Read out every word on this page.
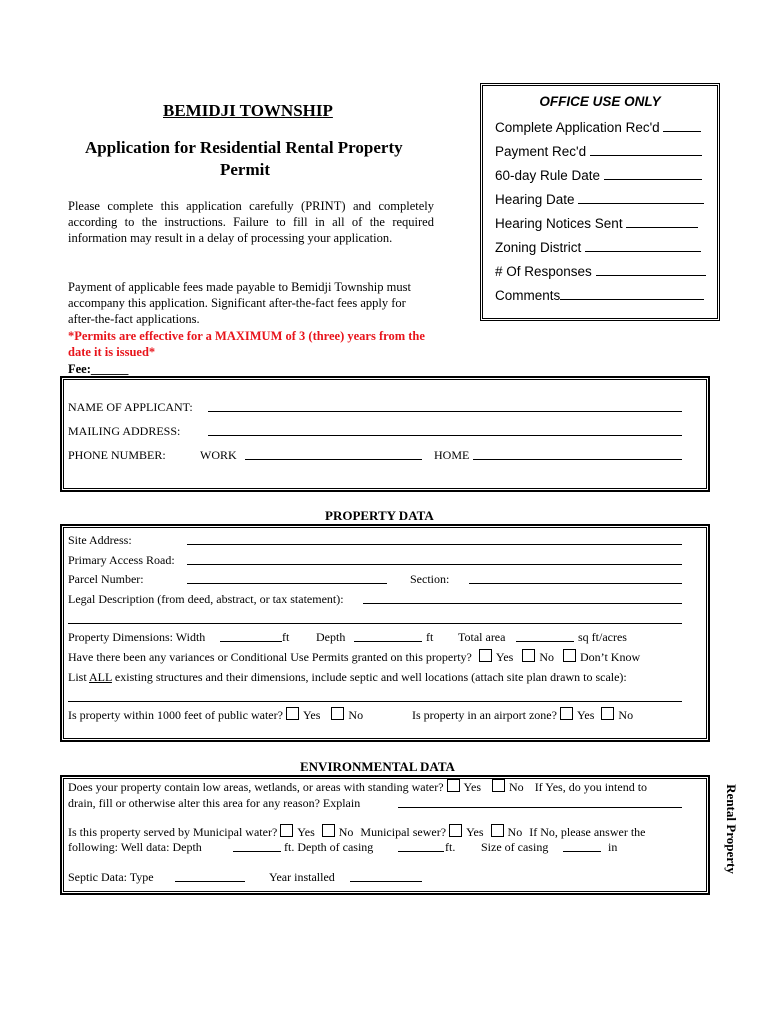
BEMIDJI TOWNSHIP
Application for Residential Rental Property
Permit
Please complete this application carefully (PRINT) and completely according to the instructions. Failure to fill in all of the required information may result in a delay of processing your application.
Payment of applicable fees made payable to Bemidji Township must accompany this application. Significant after-the-fact fees apply for after-the-fact applications.
*Permits are effective for a MAXIMUM of 3 (three) years from the date it is issued*
Fee:______
OFFICE USE ONLY
Complete Application Rec'd
Payment Rec'd
60-day Rule Date
Hearing Date
Hearing Notices Sent
Zoning District
# Of Responses
Comments
NAME OF APPLICANT:
MAILING ADDRESS:
PHONE NUMBER:	WORK	HOME
PROPERTY DATA
Site Address:
Primary Access Road:
Parcel Number:	Section:
Legal Description (from deed, abstract, or tax statement):
Property Dimensions: Width	ft Depth	ft Total area	sq ft/acres
Have there been any variances or Conditional Use Permits granted on this property? Yes No Don’t Know
List ALL existing structures and their dimensions, include septic and well locations (attach site plan drawn to scale):
Is property within 1000 feet of public water? Yes No	Is property in an airport zone? Yes No
ENVIRONMENTAL DATA
Does your property contain low areas, wetlands, or areas with standing water? Yes No If Yes, do you intend to
drain, fill or otherwise alter this area for any reason? Explain
Is this property served by Municipal water? Yes No Municipal sewer? Yes No If No, please answer the
following: Well data: Depth	ft. Depth of casing	ft. Size of casing	in
Septic Data: Type	Year installed
Rental Property
